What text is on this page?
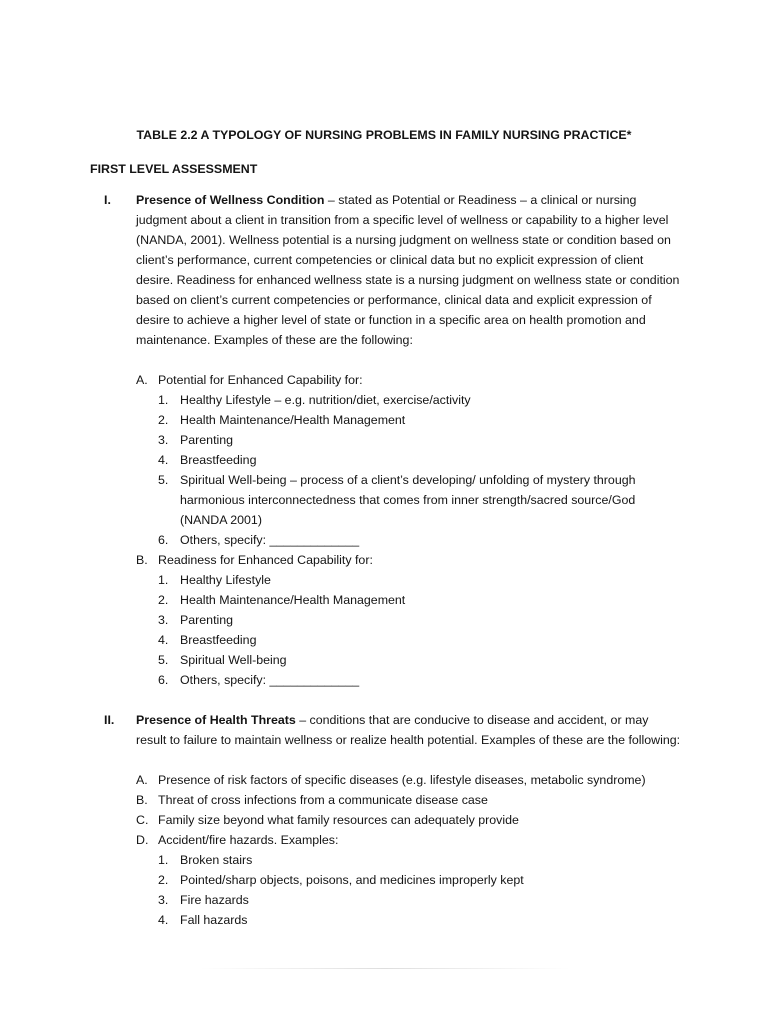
TABLE 2.2 A TYPOLOGY OF NURSING PROBLEMS IN FAMILY NURSING PRACTICE*
FIRST LEVEL ASSESSMENT
I. Presence of Wellness Condition – stated as Potential or Readiness – a clinical or nursing judgment about a client in transition from a specific level of wellness or capability to a higher level (NANDA, 2001). Wellness potential is a nursing judgment on wellness state or condition based on client’s performance, current competencies or clinical data but no explicit expression of client desire. Readiness for enhanced wellness state is a nursing judgment on wellness state or condition based on client’s current competencies or performance, clinical data and explicit expression of desire to achieve a higher level of state or function in a specific area on health promotion and maintenance. Examples of these are the following:
A. Potential for Enhanced Capability for:
1. Healthy Lifestyle – e.g. nutrition/diet, exercise/activity
2. Health Maintenance/Health Management
3. Parenting
4. Breastfeeding
5. Spiritual Well-being – process of a client’s developing/ unfolding of mystery through harmonious interconnectedness that comes from inner strength/sacred source/God (NANDA 2001)
6. Others, specify: _____________
B. Readiness for Enhanced Capability for:
1. Healthy Lifestyle
2. Health Maintenance/Health Management
3. Parenting
4. Breastfeeding
5. Spiritual Well-being
6. Others, specify: _____________
II. Presence of Health Threats – conditions that are conducive to disease and accident, or may result to failure to maintain wellness or realize health potential. Examples of these are the following:
A. Presence of risk factors of specific diseases (e.g. lifestyle diseases, metabolic syndrome)
B. Threat of cross infections from a communicate disease case
C. Family size beyond what family resources can adequately provide
D. Accident/fire hazards. Examples:
1. Broken stairs
2. Pointed/sharp objects, poisons, and medicines improperly kept
3. Fire hazards
4. Fall hazards
